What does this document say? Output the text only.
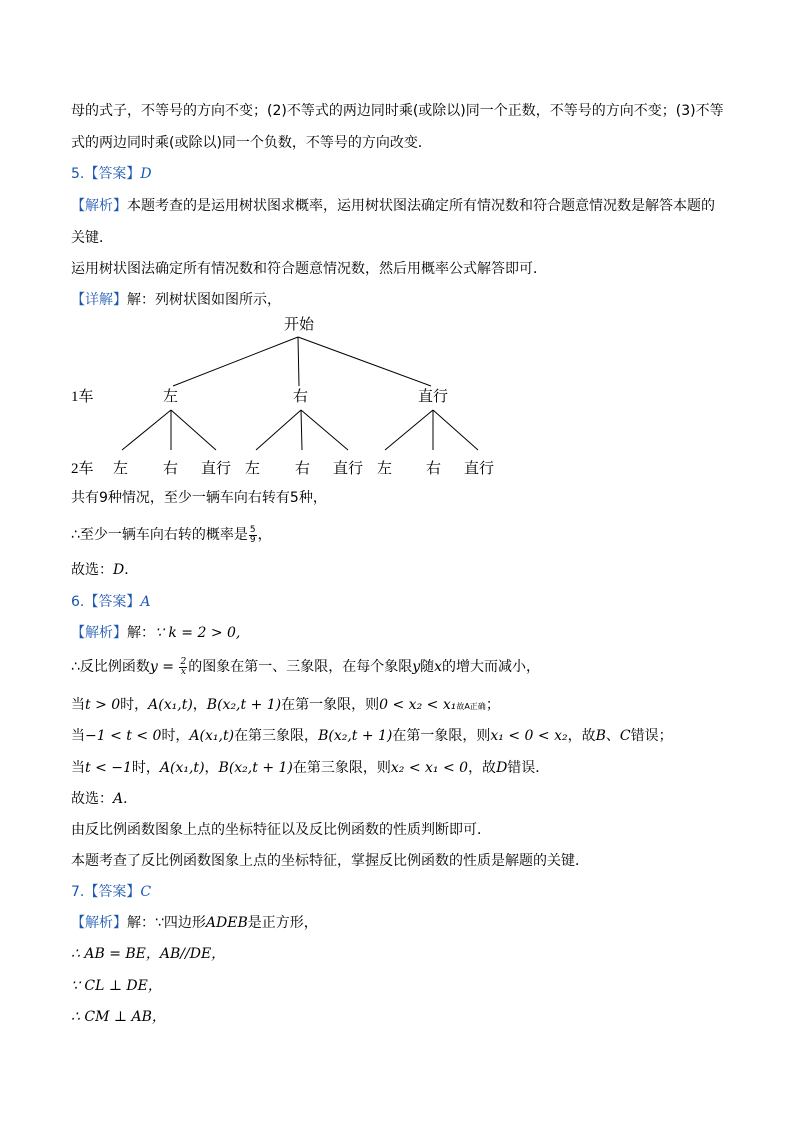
母的式子，不等号的方向不变；(2)不等式的两边同时乘(或除以)同一个正数，不等号的方向不变；(3)不等
式的两边同时乘(或除以)同一个负数，不等号的方向改变．
5.【答案】D
【解析】本题考查的是运用树状图求概率，运用树状图法确定所有情况数和符合题意情况数是解答本题的
关键．
运用树状图法确定所有情况数和符合题意情况数，然后用概率公式解答即可．
【详解】解：列树状图如图所示，
开始
1车	左	右	直行
2车 左 右 直行 左 右 直行 左 右 直行
共有9种情况，至少一辆车向右转有5种，
∴至少一辆车向右转的概率是 $\frac{5}{9}$ ，
故选：D．
6.【答案】A
【解析】解：∵ k = 2 > 0,
∴反比例函数$y = \frac{2}{x}$ 的图象在第一、三象限，在每个象限y随x的增大而减小，
当t > 0时，A(x₁,t)，B(x₂,t + 1)在第一象限，则0 < x₂ < x₁故A正确；
当−1 < t < 0时，A(x₁,t)在第三象限，B(x₂,t + 1)在第一象限，则x₁ < 0 < x₂，故B、C错误；
当t < −1时，A(x₁,t)，B(x₂,t + 1)在第三象限，则x₂ < x₁ < 0，故D错误．
故选：A．
由反比例函数图象上点的坐标特征以及反比例函数的性质判断即可．
本题考查了反比例函数图象上点的坐标特征，掌握反比例函数的性质是解题的关键．
7.【答案】C
【解析】解：∵四边形ADEB是正方形，
∴ AB = BE，AB//DE，
∵ CL ⊥ DE，
∴ CM ⊥ AB，
